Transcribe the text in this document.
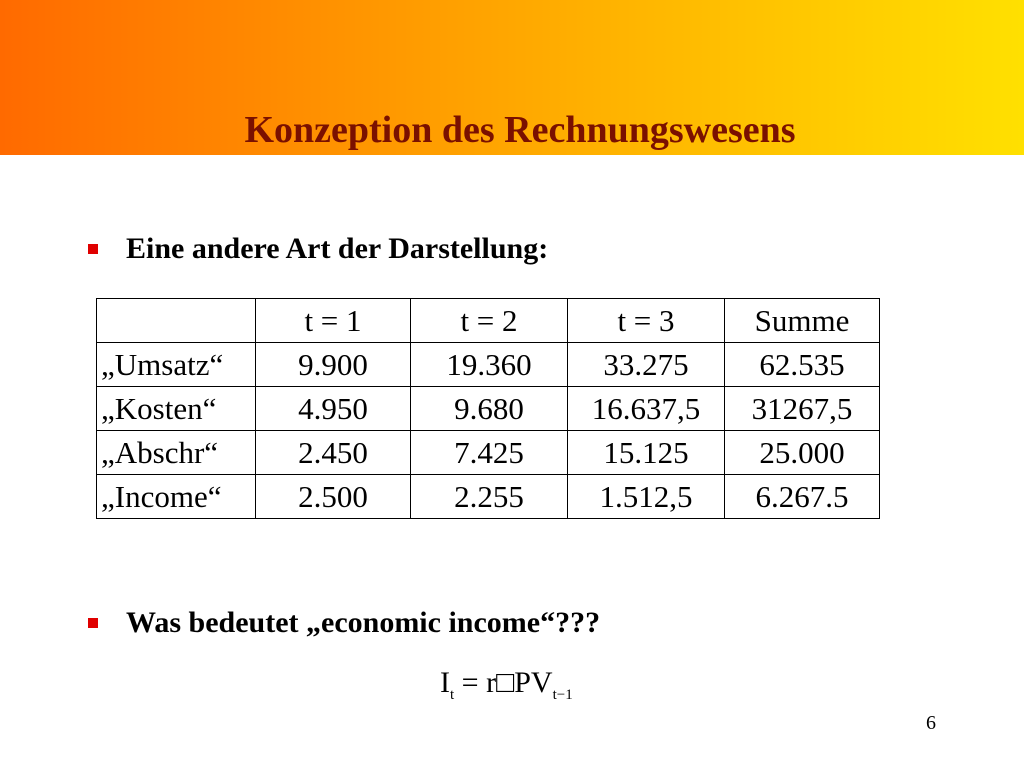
Konzeption des Rechnungswesens
Eine andere Art der Darstellung:
	t = 1	t = 2	t = 3	Summe
„Umsatz“	9.900	19.360	33.275	62.535
„Kosten“	4.950	9.680	16.637,5	31267,5
„Abschr“	2.450	7.425	15.125	25.000
„Income“	2.500	2.255	1.512,5	6.267.5
Was bedeutet „economic income“???
$I_t$ = $r□PV_{t-1}$
6
